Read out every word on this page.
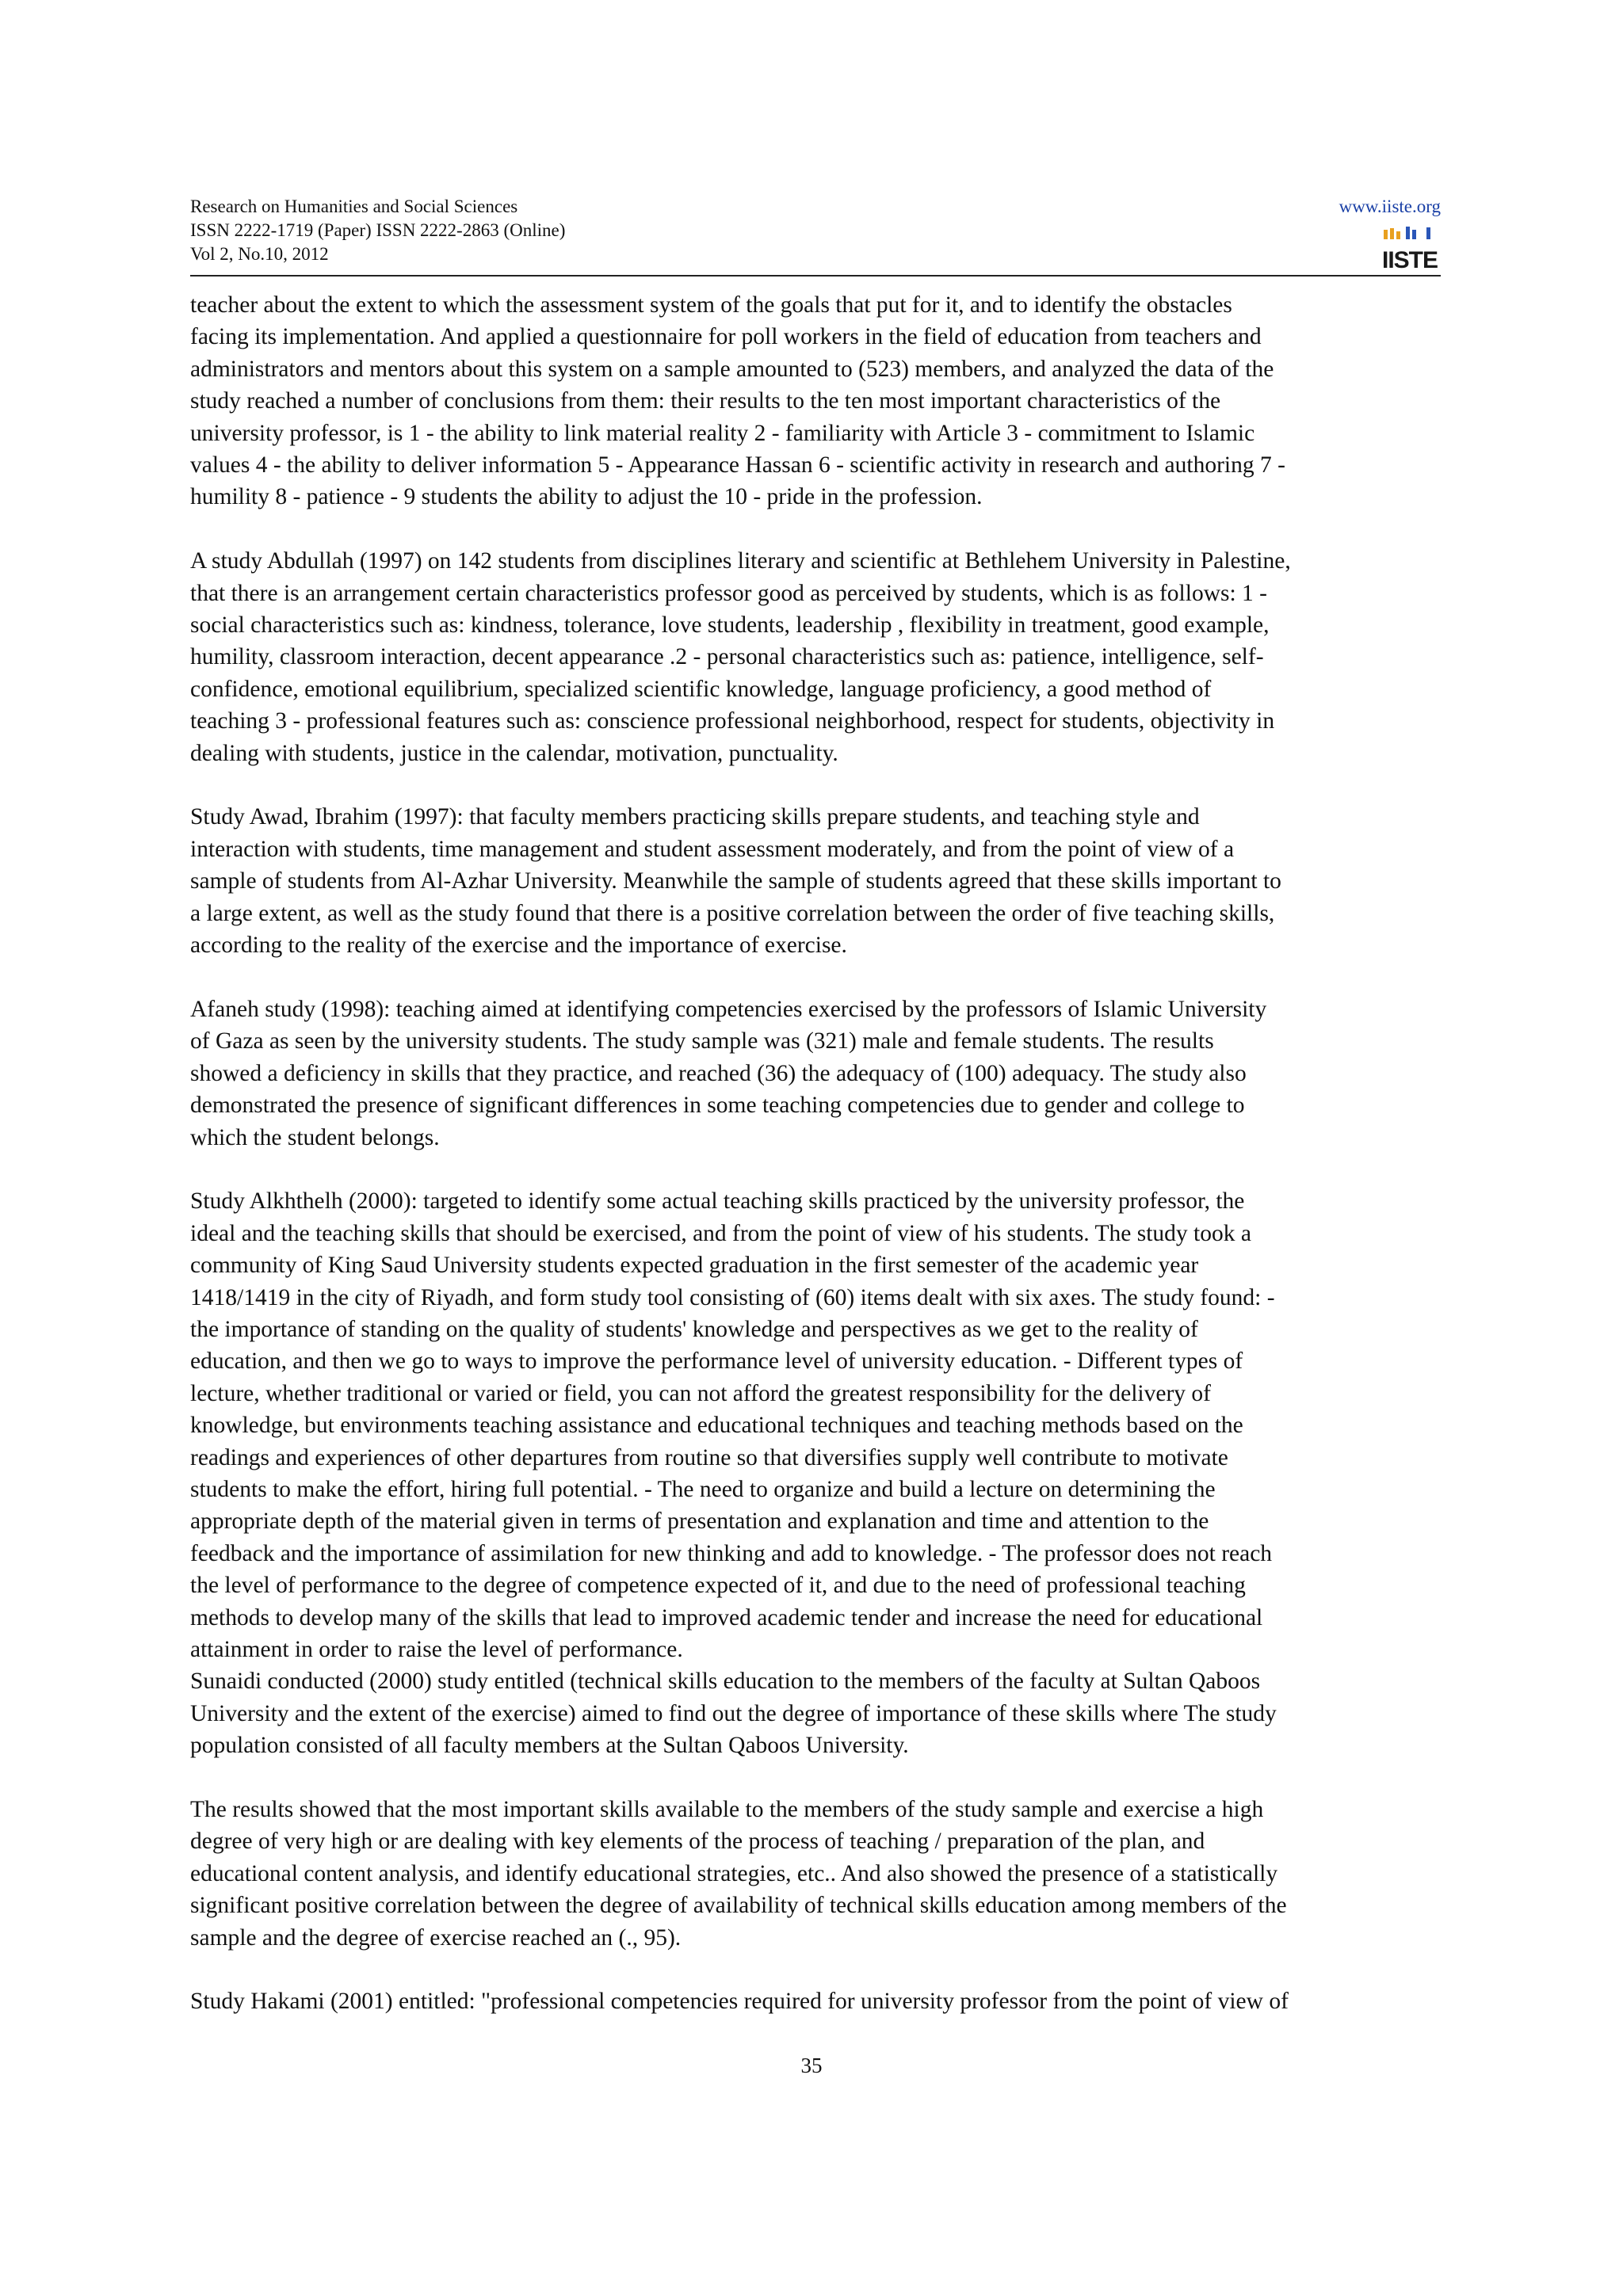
Research on Humanities and Social Sciences
ISSN 2222-1719 (Paper) ISSN 2222-2863 (Online)
Vol 2, No.10, 2012
www.iiste.org
IISTE

teacher about the extent to which the assessment system of the goals that put for it, and to identify the obstacles
facing its implementation. And applied a questionnaire for poll workers in the field of education from teachers and
administrators and mentors about this system on a sample amounted to (523) members, and analyzed the data of the
study reached a number of conclusions from them: their results to the ten most important characteristics of the
university professor, is 1 - the ability to link material reality 2 - familiarity with Article 3 - commitment to Islamic
values 4 - the ability to deliver information 5 - Appearance Hassan 6 - scientific activity in research and authoring 7 -
humility 8 - patience - 9 students the ability to adjust the 10 - pride in the profession.

A study Abdullah (1997) on 142 students from disciplines literary and scientific at Bethlehem University in Palestine,
that there is an arrangement certain characteristics professor good as perceived by students, which is as follows: 1 -
social characteristics such as: kindness, tolerance, love students, leadership , flexibility in treatment, good example,
humility, classroom interaction, decent appearance .2 - personal characteristics such as: patience, intelligence, self-
confidence, emotional equilibrium, specialized scientific knowledge, language proficiency, a good method of
teaching 3 - professional features such as: conscience professional neighborhood, respect for students, objectivity in
dealing with students, justice in the calendar, motivation, punctuality.

Study Awad, Ibrahim (1997): that faculty members practicing skills prepare students, and teaching style and
interaction with students, time management and student assessment moderately, and from the point of view of a
sample of students from Al-Azhar University. Meanwhile the sample of students agreed that these skills important to
a large extent, as well as the study found that there is a positive correlation between the order of five teaching skills,
according to the reality of the exercise and the importance of exercise.

Afaneh study (1998): teaching aimed at identifying competencies exercised by the professors of Islamic University
of Gaza as seen by the university students. The study sample was (321) male and female students. The results
showed a deficiency in skills that they practice, and reached (36) the adequacy of (100) adequacy. The study also
demonstrated the presence of significant differences in some teaching competencies due to gender and college to
which the student belongs.

Study Alkhthelh (2000): targeted to identify some actual teaching skills practiced by the university professor, the
ideal and the teaching skills that should be exercised, and from the point of view of his students. The study took a
community of King Saud University students expected graduation in the first semester of the academic year
1418/1419 in the city of Riyadh, and form study tool consisting of (60) items dealt with six axes. The study found: -
the importance of standing on the quality of students' knowledge and perspectives as we get to the reality of
education, and then we go to ways to improve the performance level of university education. - Different types of
lecture, whether traditional or varied or field, you can not afford the greatest responsibility for the delivery of
knowledge, but environments teaching assistance and educational techniques and teaching methods based on the
readings and experiences of other departures from routine so that diversifies supply well contribute to motivate
students to make the effort, hiring full potential. - The need to organize and build a lecture on determining the
appropriate depth of the material given in terms of presentation and explanation and time and attention to the
feedback and the importance of assimilation for new thinking and add to knowledge. - The professor does not reach
the level of performance to the degree of competence expected of it, and due to the need of professional teaching
methods to develop many of the skills that lead to improved academic tender and increase the need for educational
attainment in order to raise the level of performance.

Sunaidi conducted (2000) study entitled (technical skills education to the members of the faculty at Sultan Qaboos
University and the extent of the exercise) aimed to find out the degree of importance of these skills where The study
population consisted of all faculty members at the Sultan Qaboos University.

The results showed that the most important skills available to the members of the study sample and exercise a high
degree of very high or are dealing with key elements of the process of teaching / preparation of the plan, and
educational content analysis, and identify educational strategies, etc.. And also showed the presence of a statistically
significant positive correlation between the degree of availability of technical skills education among members of the
sample and the degree of exercise reached an (., 95).

Study Hakami (2001) entitled: "professional competencies required for university professor from the point of view of

35
